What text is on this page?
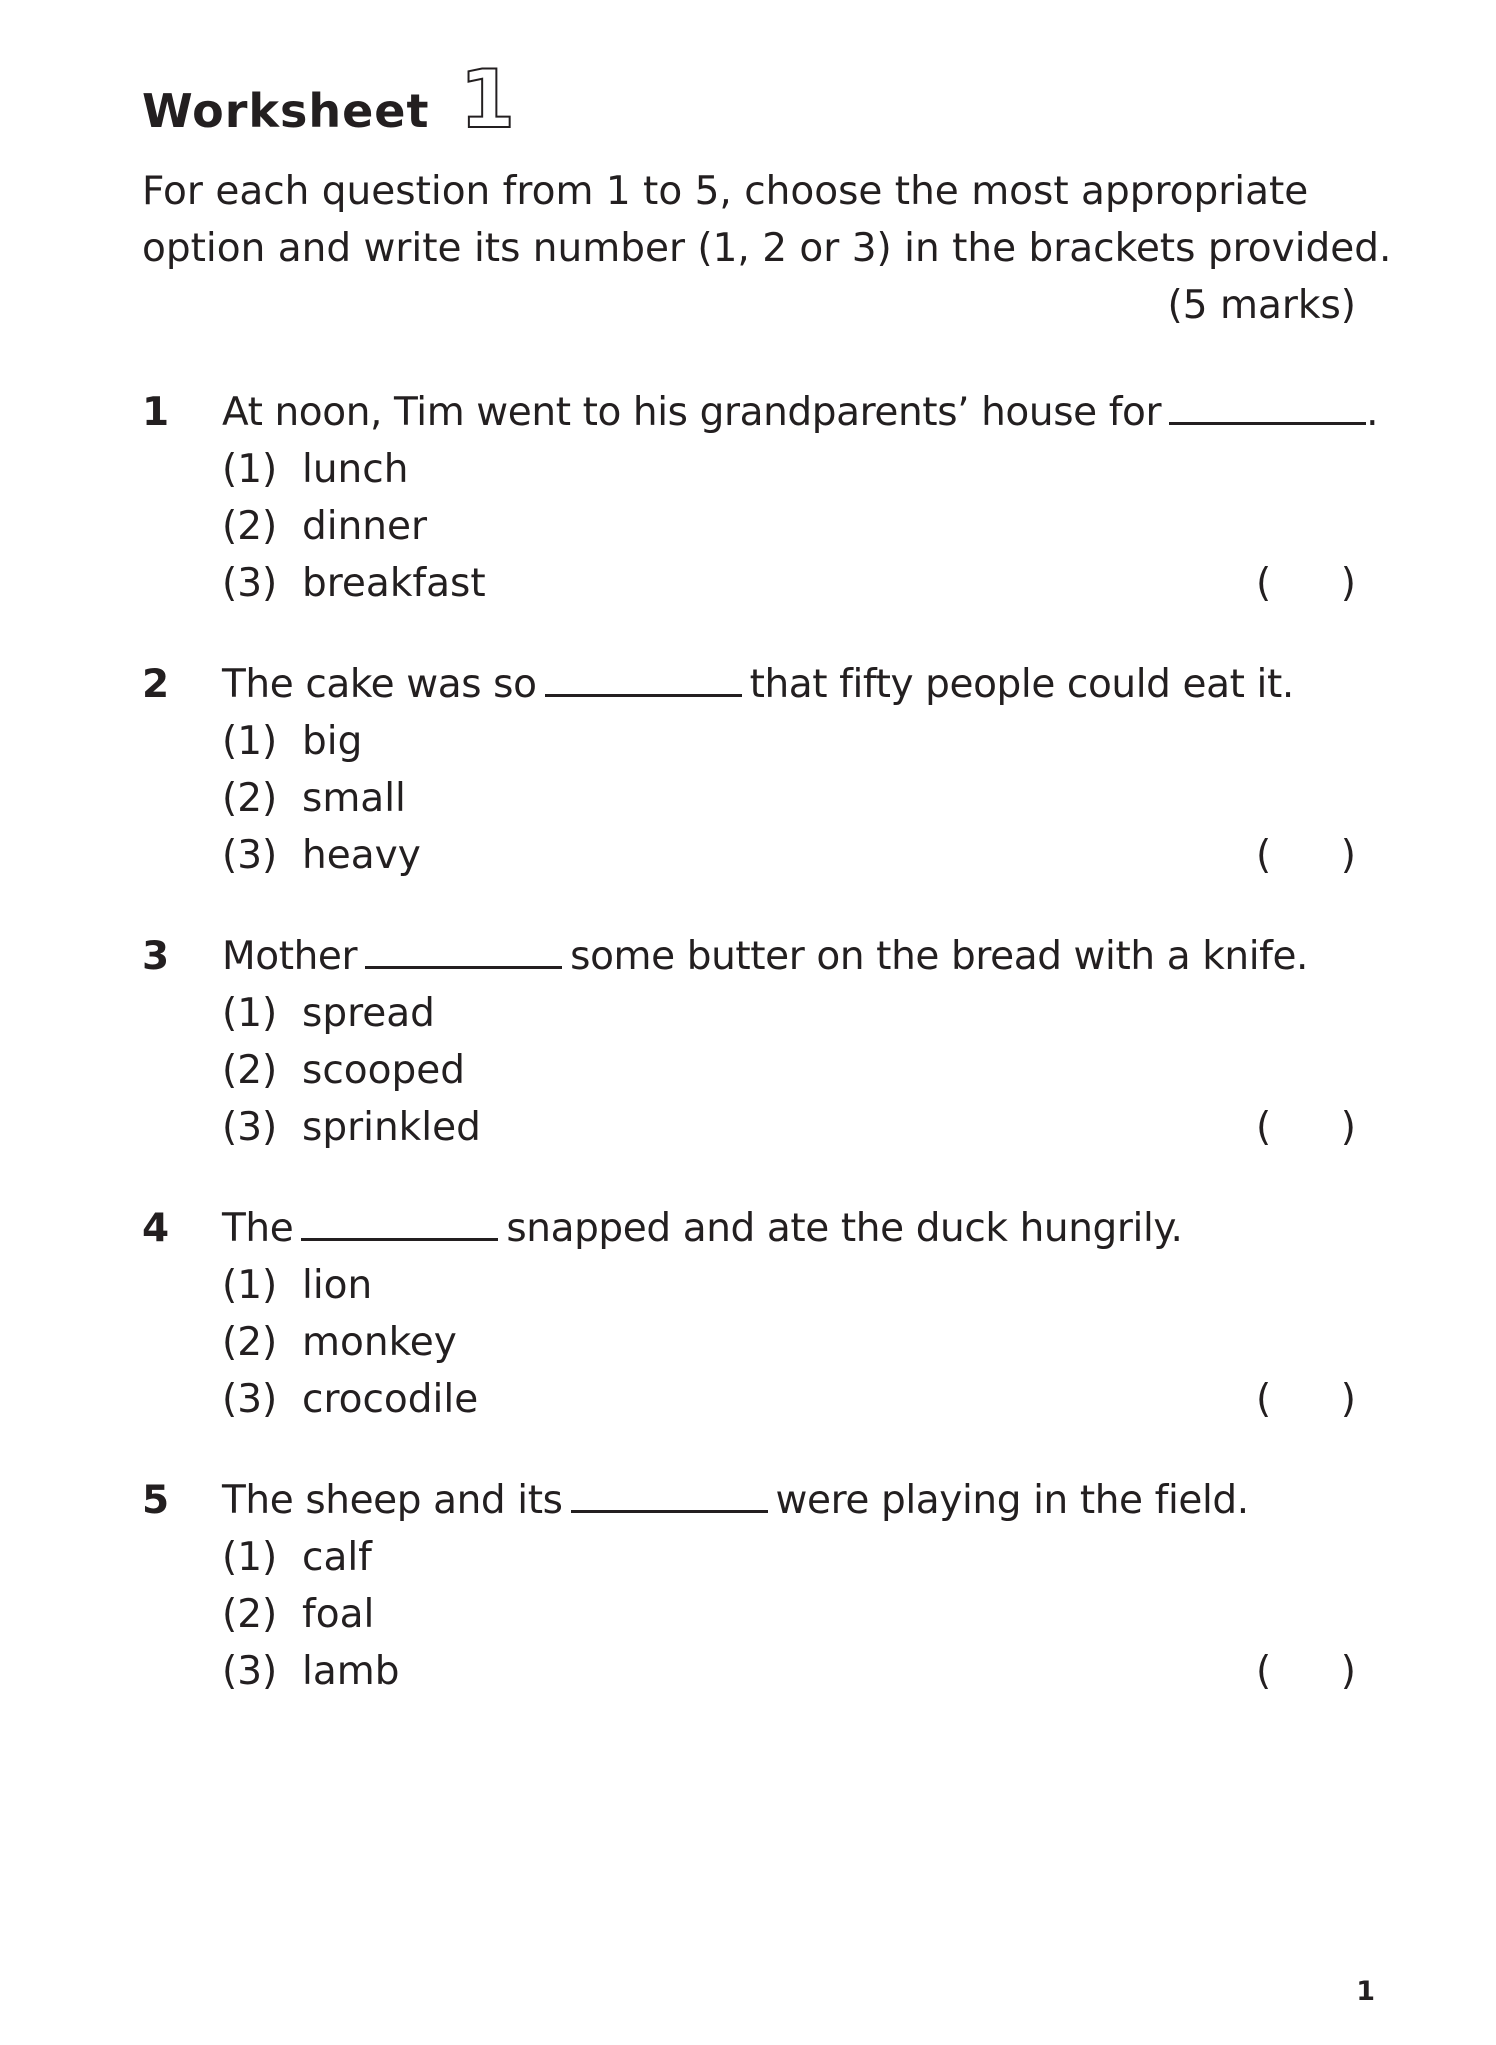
Worksheet 1
For each question from 1 to 5, choose the most appropriate
option and write its number (1, 2 or 3) in the brackets provided.
(5 marks)
1 At noon, Tim went to his grandparents’ house for	.
(1) lunch
(2) dinner
(3) breakfast	( )
2 The cake was so	that fifty people could eat it.
(1) big
(2) small
(3) heavy	( )
3 Mother	some butter on the bread with a knife.
(1) spread
(2) scooped
(3) sprinkled	( )
4 The	snapped and ate the duck hungrily.
(1) lion
(2) monkey
(3) crocodile	( )
5 The sheep and its	were playing in the field.
(1) calf
(2) foal
(3) lamb	( )
1
